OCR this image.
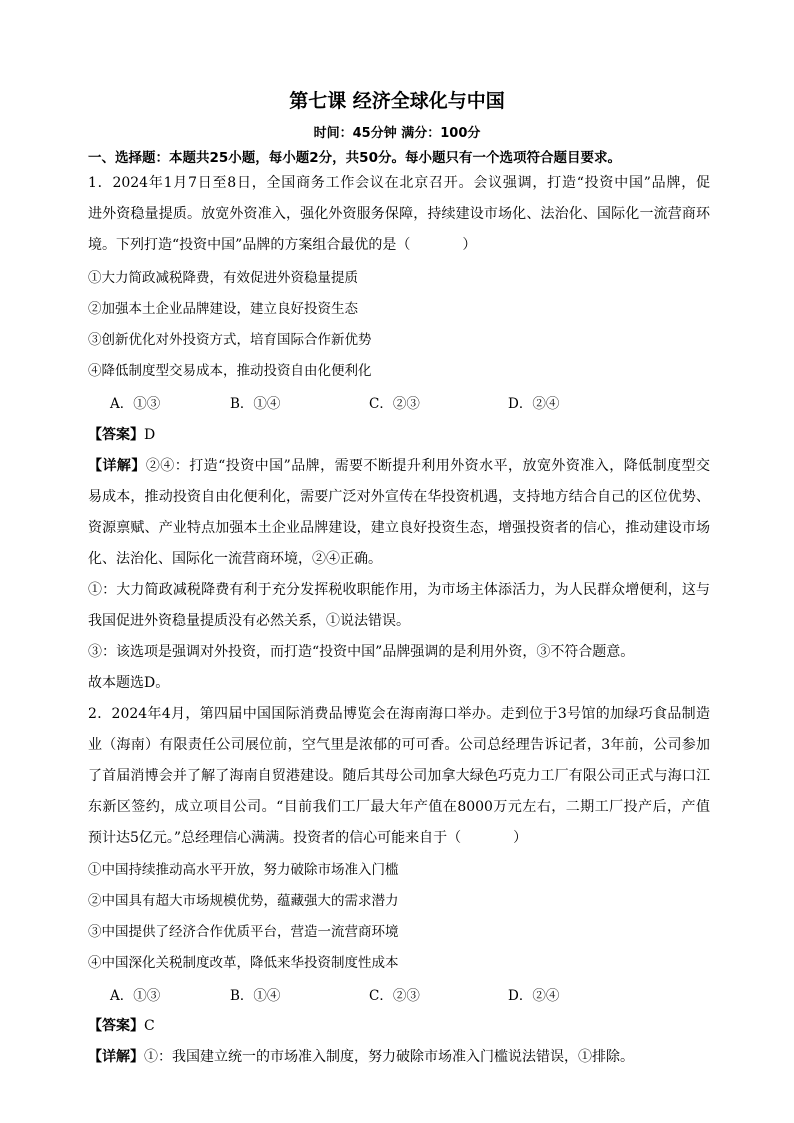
第七课 经济全球化与中国
时间：45分钟 满分：100分
一、选择题：本题共25小题，每小题2分，共50分。每小题只有一个选项符合题目要求。
1．2024年1月7日至8日，全国商务工作会议在北京召开。会议强调，打造“投资中国”品牌，促
进外资稳量提质。放宽外资准入，强化外资服务保障，持续建设市场化、法治化、国际化一流营商环
境。下列打造“投资中国”品牌的方案组合最优的是（	）
①大力简政减税降费，有效促进外资稳量提质
②加强本土企业品牌建设，建立良好投资生态
③创新优化对外投资方式，培育国际合作新优势
④降低制度型交易成本，推动投资自由化便利化
A．①③	B．①④	C．②③	D．②④
【答案】D
【详解】②④：打造“投资中国”品牌，需要不断提升利用外资水平，放宽外资准入，降低制度型交
易成本，推动投资自由化便利化，需要广泛对外宣传在华投资机遇，支持地方结合自己的区位优势、
资源禀赋、产业特点加强本土企业品牌建设，建立良好投资生态，增强投资者的信心，推动建设市场
化、法治化、国际化一流营商环境，②④正确。
①：大力简政减税降费有利于充分发挥税收职能作用，为市场主体添活力，为人民群众增便利，这与
我国促进外资稳量提质没有必然关系，①说法错误。
③：该选项是强调对外投资，而打造“投资中国”品牌强调的是利用外资，③不符合题意。
故本题选D。
2．2024年4月，第四届中国国际消费品博览会在海南海口举办。走到位于3号馆的加绿巧食品制造
业（海南）有限责任公司展位前，空气里是浓郁的可可香。公司总经理告诉记者，3年前，公司参加
了首届消博会并了解了海南自贸港建设。随后其母公司加拿大绿色巧克力工厂有限公司正式与海口江
东新区签约，成立项目公司。“目前我们工厂最大年产值在8000万元左右，二期工厂投产后，产值
预计达5亿元。”总经理信心满满。投资者的信心可能来自于（	）
①中国持续推动高水平开放，努力破除市场准入门槛
②中国具有超大市场规模优势，蕴藏强大的需求潜力
③中国提供了经济合作优质平台，营造一流营商环境
④中国深化关税制度改革，降低来华投资制度性成本
A．①③	B．①④	C．②③	D．②④
【答案】C
【详解】①：我国建立统一的市场准入制度，努力破除市场准入门槛说法错误，①排除。
